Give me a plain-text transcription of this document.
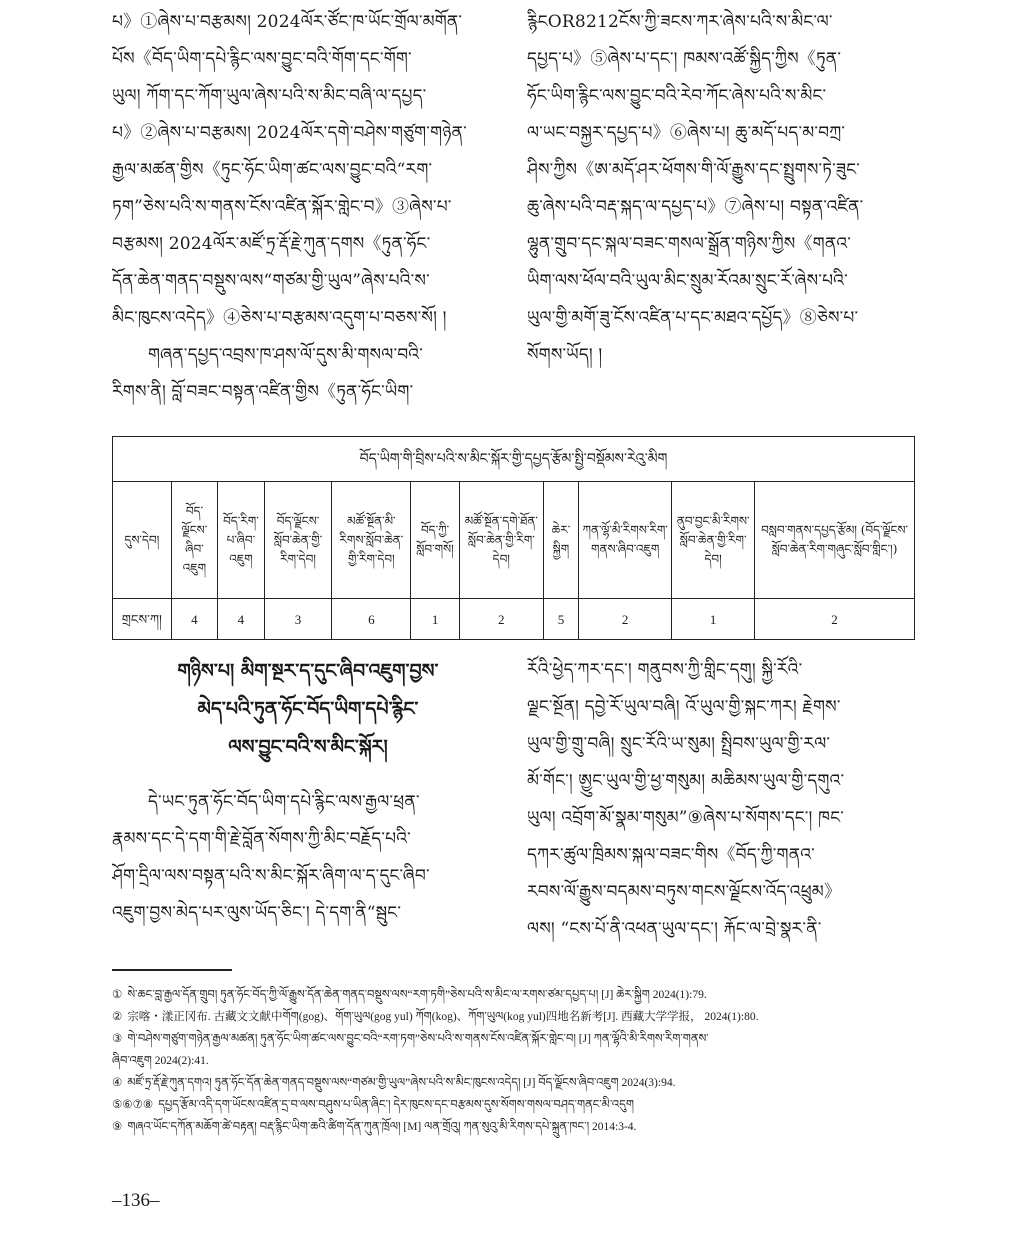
པ》①ཞེས་པ་བརྩམས། 2024ལོར་ཙོང་ཁ་ཡོང་གྲོལ་མགོན་
པོས《བོད་ཡིག་དཔེ་རྙིང་ལས་བྱུང་བའི་གོག་དང་གོག་
ཡུལ། ཀོག་དང་ཀོག་ཡུལ་ཞེས་པའི་ས་མིང་བཞི་ལ་དཔྱད་
པ》②ཞེས་པ་བརྩམས། 2024ལོར་དགེ་བཤེས་གཙུག་གཉེན་
རྒྱལ་མཚན་གྱིས《ཏུང་ཧོང་ཡིག་ཚང་ལས་བྱུང་བའི“རག་
ཏག”ཅེས་པའི་ས་གནས་ངོས་འཛིན་སྐོར་གླེང་བ》③ཞེས་པ་
བརྩམས། 2024ལོར་མཛོ་ཏྲ་རྡོ་རྗེ་ཀུན་དགས《ཏུན་ཧོང་
དོན་ཆེན་གནད་བསྡུས་ལས“གཙམ་གྱི་ཡུལ”ཞེས་པའི་ས་
མིང་ཁུངས་འདེད》④ཅེས་པ་བརྩམས་འདུག་པ་བཅས་སོ། །
གཞན་དཔྱད་འབྲས་ཁ་ཤས་ལོ་དུས་མི་གསལ་བའི་
རིགས་ནི། བློ་བཟང་བསྟན་འཛིན་གྱིས《ཏུན་ཧོང་ཡིག་
རྙིངOR8212ངོས་ཀྱི་ཟངས་ཀར་ཞེས་པའི་ས་མིང་ལ་
དཔྱད་པ》⑤ཞེས་པ་དང་། ཁམས་འཚོ་སྐྱིད་ཀྱིས《ཏུན་
ཧོང་ཡིག་རྙིང་ལས་བྱུང་བའི་རེབ་ཀོང་ཞེས་པའི་ས་མིང་
ལ་ཡང་བསྐྱར་དཔྱད་པ》⑥ཞེས་པ། ཆུ་མདོ་པད་མ་བཀྲ་
ཤིས་ཀྱིས《ཨ་མདོ་ཤར་ཕོགས་གི་ལོ་རྒྱུས་དང་སྤྲུགས་ཏེ་ཟུང་
ཆུ་ཞེས་པའི་བརྡ་སྐད་ལ་དཔྱད་པ》⑦ཞེས་པ། བསྟན་འཛིན་
ལྷུན་གྲུབ་དང་སྐལ་བཟང་གསལ་སྒྲོན་གཉིས་ཀྱིས《གནའ་
ཡིག་ལས་ཕོལ་བའི་ཡུལ་མིང་སྲུམ་རོའམ་སྲུང་རོ་ཞེས་པའི་
ཡུལ་གྱི་མགོ་ཟུ་ངོས་འཛིན་པ་དང་མཐའ་དཔྱོད》⑧ཅེས་པ་
སོགས་ཡོད། །
བོད་ཡིག་གི་བྲིས་པའི་ས་མིང་སྐོར་གྱི་དཔྱད་རྩོམ་སྤྱི་བསྡོམས་རེའུ་མིག										
དུས་དེབ།	བོད་ལྗོངས་ཞིབ་འཇུག	བོད་རིག་པ་ཞིབ་འཇུག	བོད་ལྗོངས་སློབ་ཆེན་གྱི་རིག་དེབ།	མཚོ་སྔོན་མི་རིགས་སློབ་ཆེན་གྱི་རིག་དེབ།	བོད་ཀྱི་སློབ་གསོ།	མཚོ་སྔོན་དགེ་ཐོན་སློབ་ཆེན་གྱི་རིག་དེབ།	ཆེར་སྐྱིག	ཀན་ལྷོ་མི་རིགས་རིག་གནས་ཞིབ་འཇུག	ནུབ་བྱང་མི་རིགས་སློབ་ཆེན་གྱི་རིག་དེབ།	བསླབ་གནས་དཔྱད་རྩོམ། (བོད་ལྗོངས་སློབ་ཆེན་རིག་གཞུང་སློབ་གླིང་།)
གྲངས་ཀ།	4	4	3	6	1	2	5	2	1	2
གཉིས་པ། མིག་སྔར་ད་དུང་ཞིབ་འཇུག་བྱས་
མེད་པའི་ཏུན་ཧོང་བོད་ཡིག་དཔེ་རྙིང་
ལས་བྱུང་བའི་ས་མིང་སྐོར།
དེ་ཡང་ཏུན་ཧོང་བོད་ཡིག་དཔེ་རྙིང་ལས་རྒྱལ་ཕྲན་
རྣམས་དང་དེ་དག་གི་རྗེ་བློན་སོགས་ཀྱི་མིང་བརྗོད་པའི་
ཤོག་དྲིལ་ལས་བསྟན་པའི་ས་མིང་སྐོར་ཞིག་ལ་ད་དུང་ཞིབ་
འཇུག་བྱས་མེད་པར་ལུས་ཡོད་ཅིང་། དེ་དག་ནི“སྦུང་
རོའི་ཕྱེད་ཀར་དང་། གནུབས་ཀྱི་གླིང་དགུ། སྐྱི་རོའི་
ལྗང་སྔོན། དབྱེ་རོ་ཡུལ་བཞི། འོ་ཡུལ་གྱི་སྐང་ཀར། རྗེགས་
ཡུལ་གྱི་གྲུ་བཞི། སྲུང་རོའི་ཡ་སུམ། སྤྲིབས་ཡུལ་གྱི་རལ་
མོ་གོང་། ཨྱུང་ཡུལ་གྱི་ཕྱ་གསུམ། མཆིམས་ཡུལ་གྱི་དགུའ་
ཡུལ། འབྲོག་མོ་སྣམ་གསུམ”⑨ཞེས་པ་སོགས་དང་། ཁང་
དཀར་ཚུལ་ཁྲིམས་སྐལ་བཟང་གིས《བོད་ཀྱི་གནའ་
རབས་ལོ་རྒྱུས་བདམས་བཏུས་གངས་ལྗོངས་འོད་འཕྲུམ》
ལས། “ངས་པོ་ནི་འཕན་ཡུལ་དང་། རྐོང་ལ་བྲེ་སྣར་ནི་
① སེ་ཆང་བླ་རྒྱལ་དོན་གྲུབ། ཏུན་ཧོང་བོད་ཀྱི་ལོ་རྒྱུས་དོན་ཆེན་གནད་བསྡུས་ལས“རག་ཏགི”ཅེས་པའི་ས་མིང་ལ་རགས་ཙམ་དཔྱད་པ། [J] ཆེར་སྐྱིག 2024(1):79.
② 宗喀・漾正冈布. 古藏文文献中གོག(gog)、གོག་ཡུལ(gog yul) ཀོག(kog)、ཀོག་ཡུལ(kog yul)四地名新考[J]. 西藏大学学报， 2024(1):80.
③ གེ་བཤེས་གཙུག་གཉེན་རྒྱལ་མཚན། ཏུན་ཧོང་ཡིག་ཚང་ལས་བྱུང་བའི“རག་ཏག”ཅེས་པའི་ས་གནས་ངོས་འཛིན་སྐོར་གླེང་བ། [J] ཀན་ལྷོའི་མི་རིགས་རིག་གནས་
ཞིབ་འཇུག 2024(2):41.
④ མཛོ་ཏྲ་རྡོ་རྗེ་ཀུན་དགའ། ཏུན་ཧོང་དོན་ཆེན་གནད་བསྡུས་ལས“གཙམ་གྱི་ཡུལ”ཞེས་པའི་ས་མིང་ཁུངས་འདེད། [J] བོད་ལྗོངས་ཞིབ་འཇུག 2024(3):94.
⑤⑥⑦⑧ དཔྱད་རྩོམ་འདི་དག་ཡོངས་འཛིན་དྲ་བ་ལས་བཤུས་པ་ཡིན་ཞིང་། དེར་ཁུངས་དང་བརྩམས་དུས་སོགས་གསལ་བཤད་གནང་མི་འདུག
⑨ གཞའ་ཡོང་དཀོན་མཆོག་ཚེ་བརྟན། བརྡ་རྙིང་ཡིག་ཆའི་ཚིག་དོན་ཀུན་ཁྲོལ། [M] ལན་གྲོའུ། ཀན་སུའུ་མི་རིགས་དཔེ་སྐྲུན་ཁང་། 2014:3-4.
–136–
